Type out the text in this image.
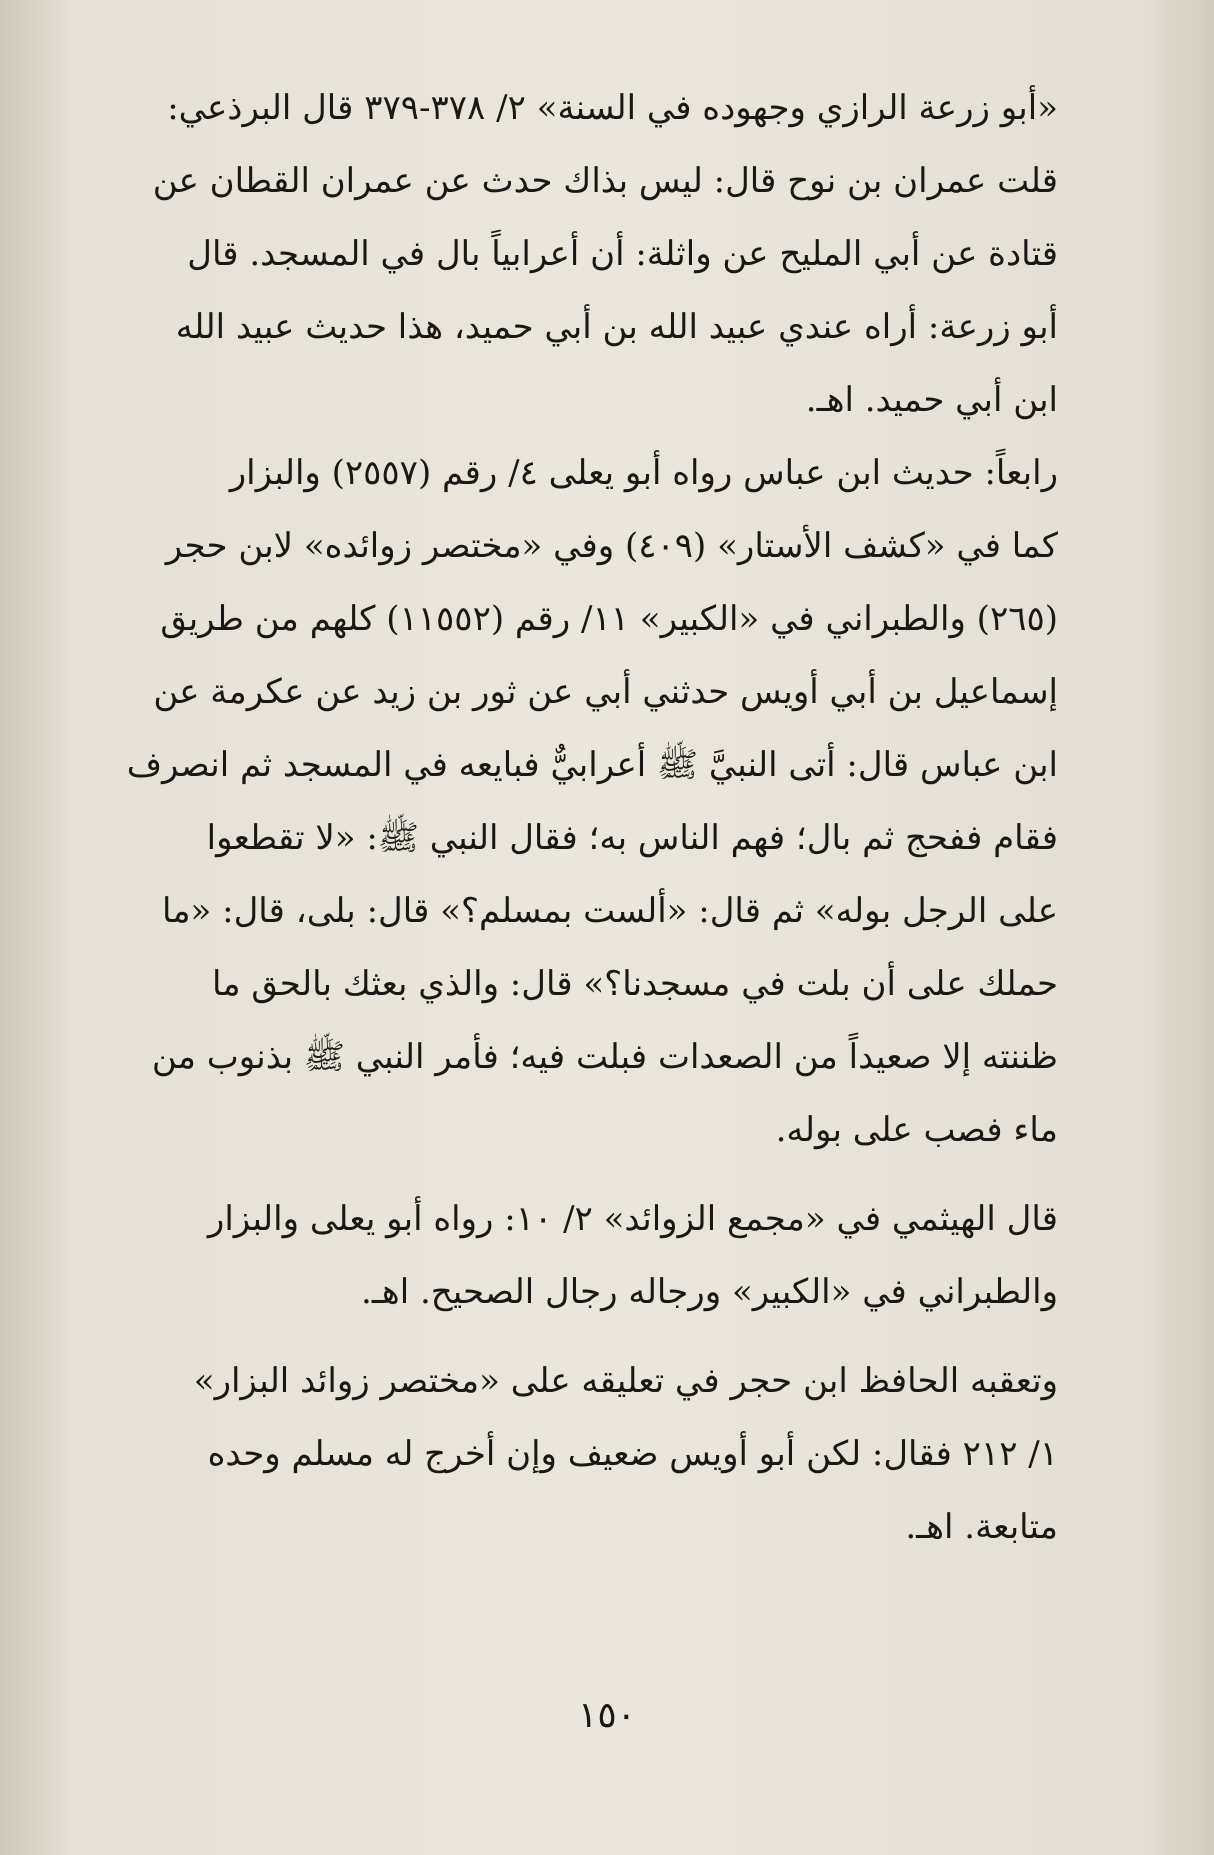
«أبو زرعة الرازي وجهوده في السنة» ٢/ ٣٧٨-٣٧٩ قال البرذعي:
قلت عمران بن نوح قال: ليس بذاك حدث عن عمران القطان عن
قتادة عن أبي المليح عن واثلة: أن أعرابياً بال في المسجد. قال
أبو زرعة: أراه عندي عبيد الله بن أبي حميد، هذا حديث عبيد الله
ابن أبي حميد. اهـ.
رابعاً: حديث ابن عباس رواه أبو يعلى ٤/ رقم (٢٥٥٧) والبزار
كما في «كشف الأستار» (٤٠٩) وفي «مختصر زوائده» لابن حجر
(٢٦٥) والطبراني في «الكبير» ١١/ رقم (١١٥٥٢) كلهم من طريق
إسماعيل بن أبي أويس حدثني أبي عن ثور بن زيد عن عكرمة عن
ابن عباس قال: أتى النبيَّ ﷺ أعرابيٌّ فبايعه في المسجد ثم انصرف
فقام ففحج ثم بال؛ فهم الناس به؛ فقال النبي ﷺ: «لا تقطعوا
على الرجل بوله» ثم قال: «ألست بمسلم؟» قال: بلى، قال: «ما
حملك على أن بلت في مسجدنا؟» قال: والذي بعثك بالحق ما
ظننته إلا صعيداً من الصعدات فبلت فيه؛ فأمر النبي ﷺ بذنوب من
ماء فصب على بوله.
قال الهيثمي في «مجمع الزوائد» ٢/ ١٠: رواه أبو يعلى والبزار
والطبراني في «الكبير» ورجاله رجال الصحيح. اهـ.
وتعقبه الحافظ ابن حجر في تعليقه على «مختصر زوائد البزار»
١/ ٢١٢ فقال: لكن أبو أويس ضعيف وإن أخرج له مسلم وحده
متابعة. اهـ.
١٥٠
